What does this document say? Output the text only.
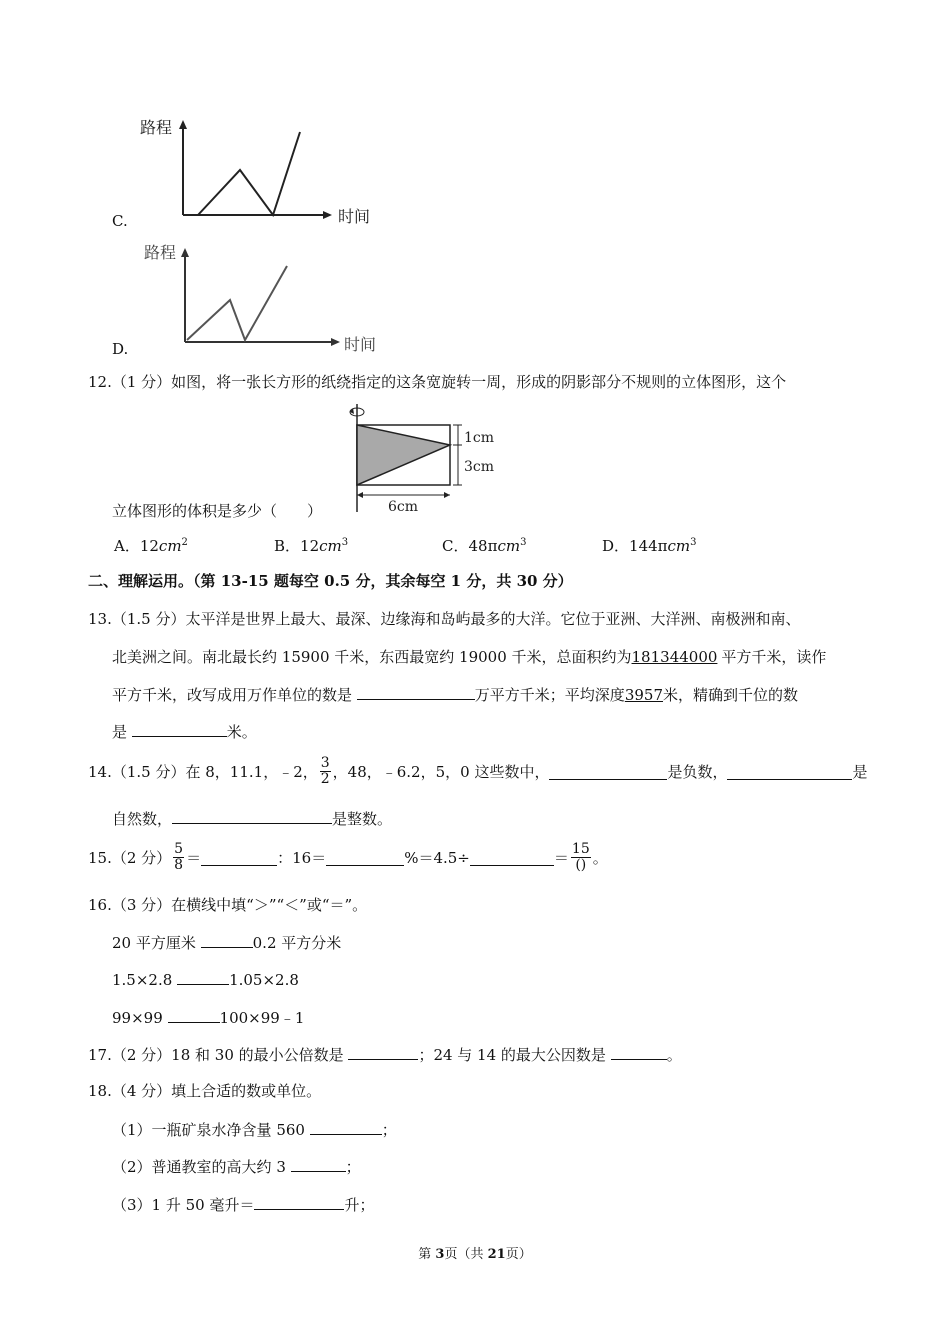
C.
路程
时间
D.
路程
时间
12.（1 分）如图，将一张长方形的纸绕指定的这条宽旋转一周，形成的阴影部分不规则的立体图形，这个
1cm
3cm
6cm
立体图形的体积是多少（　　）
A．$12cm^2$	B．$12cm^3$	C．48πcm$^3$	D．144πcm$^3$
二、理解运用。（第 13-15 题每空 0.5 分，其余每空 1 分，共 30 分）
13.（1.5 分）太平洋是世界上最大、最深、边缘海和岛屿最多的大洋。它位于亚洲、大洋洲、南极洲和南、
北美洲之间。南北最长约 15900 千米，东西最宽约 19000 千米，总面积约为181344000 平方千米，读作
平方千米，改写成用万作单位的数是	万平方千米；平均深度3957米，精确到千位的数
是	米。
14.（1.5 分）在 8，11.1，﹣2， $\frac{3}{2}$ ，48，﹣6.2，5，0 这些数中，	是负数，	是
自然数，	是整数。
15.（2 分） $\frac{5}{8}$ ＝	：16＝	%＝4.5÷	＝ $\frac{15}{()}$ 。
16.（3 分）在横线中填“＞”“＜”或“＝”。
20 平方厘米	0.2 平方分米
1.5×2.8	1.05×2.8
99×99	100×99﹣1
17.（2 分）18 和 30 的最小公倍数是	；24 与 14 的最大公因数是	。
18.（4 分）填上合适的数或单位。
（1）一瓶矿泉水净含量 560	；
（2）普通教室的高大约 3	；
（3）1 升 50 毫升＝	升；
第 3页（共 21页）
